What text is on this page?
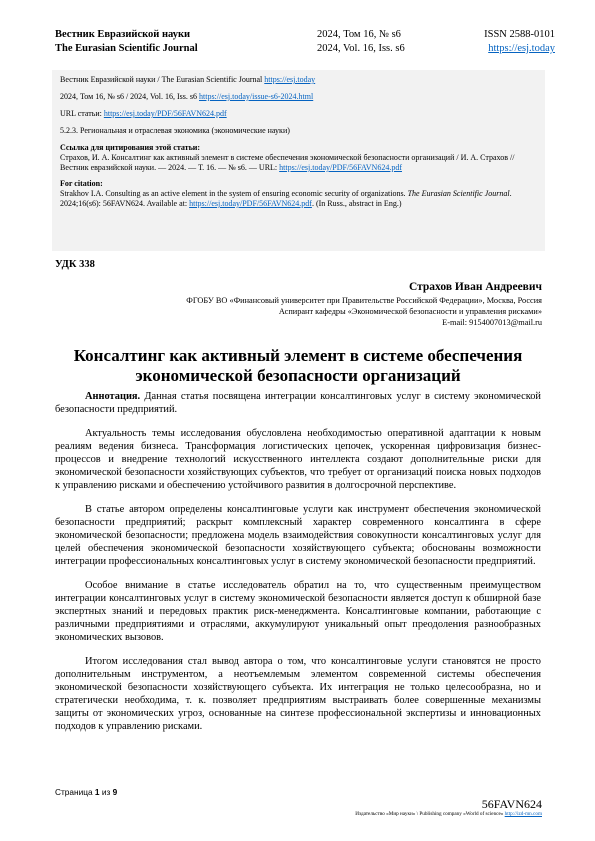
Вестник Евразийской науки
The Eurasian Scientific Journal
2024, Том 16, № s6
2024, Vol. 16, Iss. s6
ISSN 2588-0101
https://esj.today

Вестник Евразийской науки / The Eurasian Scientific Journal https://esj.today

2024, Том 16, № s6 / 2024, Vol. 16, Iss. s6 https://esj.today/issue-s6-2024.html

URL статьи: https://esj.today/PDF/56FAVN624.pdf

5.2.3. Региональная и отраслевая экономика (экономические науки)

Ссылка для цитирования этой статьи:

Страхов, И. А. Консалтинг как активный элемент в системе обеспечения экономической безопасности организаций / И. А. Страхов // Вестник евразийской науки. — 2024. — Т. 16. — № s6. — URL: https://esj.today/PDF/56FAVN624.pdf

For citation:

Strakhov I.A. Consulting as an active element in the system of ensuring economic security of organizations. The Eurasian Scientific Journal. 2024;16(s6): 56FAVN624. Available at: https://esj.today/PDF/56FAVN624.pdf. (In Russ., abstract in Eng.)

УДК 338
Страхов Иван Андреевич
ФГОБУ ВО «Финансовый университет при Правительстве Российской Федерации», Москва, Россия
Аспирант кафедры «Экономической безопасности и управления рисками»
E-mail: 9154007013@mail.ru
Консалтинг как активный элемент в системе обеспечения экономической безопасности организаций

Аннотация. Данная статья посвящена интеграции консалтинговых услуг в систему экономической безопасности предприятий.

Актуальность темы исследования обусловлена необходимостью оперативной адаптации к новым реалиям ведения бизнеса. Трансформация логистических цепочек, ускоренная цифровизация бизнес-процессов и внедрение технологий искусственного интеллекта создают дополнительные риски для экономической безопасности хозяйствующих субъектов, что требует от организаций поиска новых подходов к управлению рисками и обеспечению устойчивого развития в долгосрочной перспективе.

В статье автором определены консалтинговые услуги как инструмент обеспечения экономической безопасности предприятий; раскрыт комплексный характер современного консалтинга в сфере экономической безопасности; предложена модель взаимодействия совокупности консалтинговых услуг для целей обеспечения экономической безопасности хозяйствующего субъекта; обоснованы возможности интеграции профессиональных консалтинговых услуг в систему экономической безопасности предприятий.

Особое внимание в статье исследователь обратил на то, что существенным преимуществом интеграции консалтинговых услуг в систему экономической безопасности является доступ к обширной базе экспертных знаний и передовых практик риск-менеджмента. Консалтинговые компании, работающие с различными предприятиями и отраслями, аккумулируют уникальный опыт преодоления разнообразных экономических вызовов.

Итогом исследования стал вывод автора о том, что консалтинговые услуги становятся не просто дополнительным инструментом, а неотъемлемым элементом современной системы обеспечения экономической безопасности хозяйствующего субъекта. Их интеграция не только целесообразна, но и стратегически необходима, т. к. позволяет предприятиям выстраивать более совершенные механизмы защиты от экономических угроз, основанные на синтезе профессиональной экспертизы и инновационных подходов к управлению рисками.

Страница 1 из 9
56FAVN624
Издательство «Мир науки» \ Publishing company «World of science» http://izd-mn.com
